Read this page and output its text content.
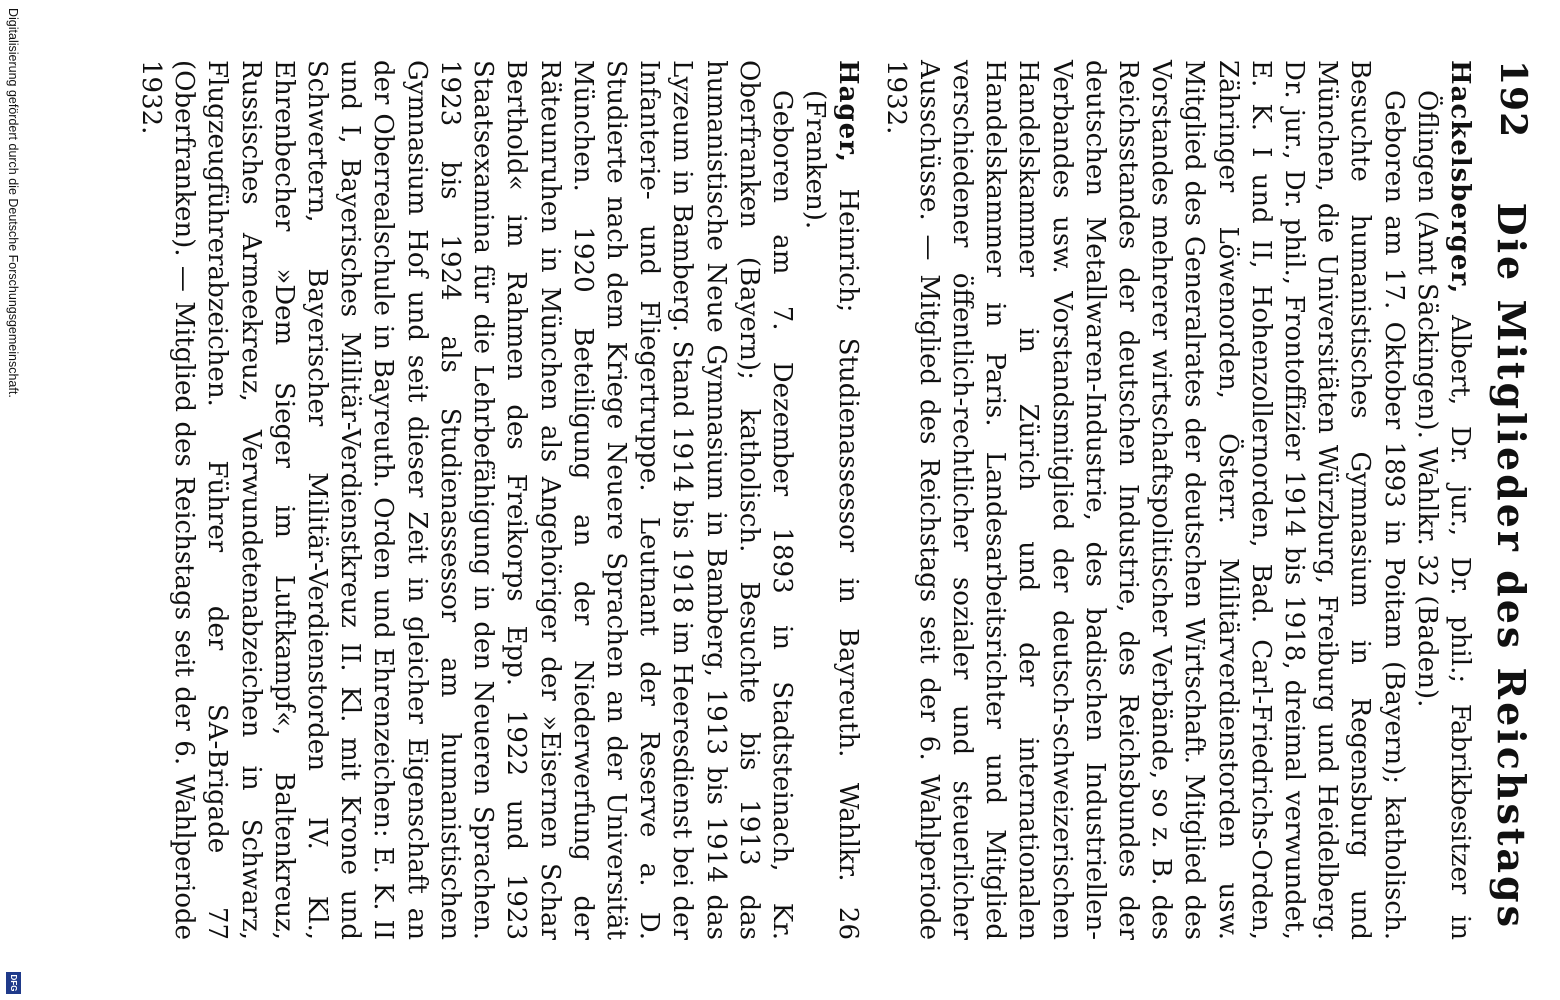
192
Die Mitglieder des Reichstags

Hackelsberger, Albert, Dr. jur., Dr. phil.; Fabrikbesitzer in Öflingen (Amt Säckingen). Wahlkr. 32 (Baden).

Geboren am 17. Oktober 1893 in Poitam (Bayern); katholisch. Besuchte humanistisches Gymnasium in Regensburg und München, die Universitäten Würzburg, Freiburg und Heidelberg. Dr. jur., Dr. phil., Frontoffizier 1914 bis 1918, dreimal verwundet, E. K. I und II, Hohenzollernorden, Bad. Carl-Friedrichs-Orden, Zähringer Löwenorden, Österr. Militärverdienstorden usw. Mitglied des Generalrates der deutschen Wirtschaft. Mitglied des Vorstandes mehrerer wirtschaftspolitischer Verbände, so z. B. des Reichsstandes der deutschen Industrie, des Reichsbundes der deutschen Metallwaren-Industrie, des badischen Industriellen-Verbandes usw. Vorstandsmitglied der deutsch-schweizerischen Handelskammer in Zürich und der internationalen Handelskammer in Paris. Landesarbeitsrichter und Mitglied verschiedener öffentlich-rechtlicher sozialer und steuerlicher Ausschüsse. — Mitglied des Reichstags seit der 6. Wahlperiode 1932.

Hager, Heinrich; Studienassessor in Bayreuth. Wahlkr. 26 (Franken).

Geboren am 7. Dezember 1893 in Stadtsteinach, Kr. Oberfranken (Bayern); katholisch. Besuchte bis 1913 das humanistische Neue Gymnasium in Bamberg, 1913 bis 1914 das Lyzeum in Bamberg. Stand 1914 bis 1918 im Heeresdienst bei der Infanterie- und Fliegertruppe. Leutnant der Reserve a. D. Studierte nach dem Kriege Neuere Sprachen an der Universität München. 1920 Beteiligung an der Niederwerfung der Räteunruhen in München als Angehöriger der »Eisernen Schar Berthold« im Rahmen des Freikorps Epp. 1922 und 1923 Staatsexamina für die Lehrbefähigung in den Neueren Sprachen. 1923 bis 1924 als Studienassessor am humanistischen Gymnasium Hof und seit dieser Zeit in gleicher Eigenschaft an der Oberrealschule in Bayreuth. Orden und Ehrenzeichen: E. K. II und I, Bayerisches Militär-Verdienstkreuz II. Kl. mit Krone und Schwertern, Bayerischer Militär-Verdienstorden IV. Kl., Ehrenbecher »Dem Sieger im Luftkampf«, Baltenkreuz, Russisches Armeekreuz, Verwundetenabzeichen in Schwarz, Flugzeugführerabzeichen. Führer der SA-Brigade 77 (Oberfranken). — Mitglied des Reichstags seit der 6. Wahlperiode 1932.

Digitalisierung gefördert durch die Deutsche Forschungsgemeinschaft.
DFG
